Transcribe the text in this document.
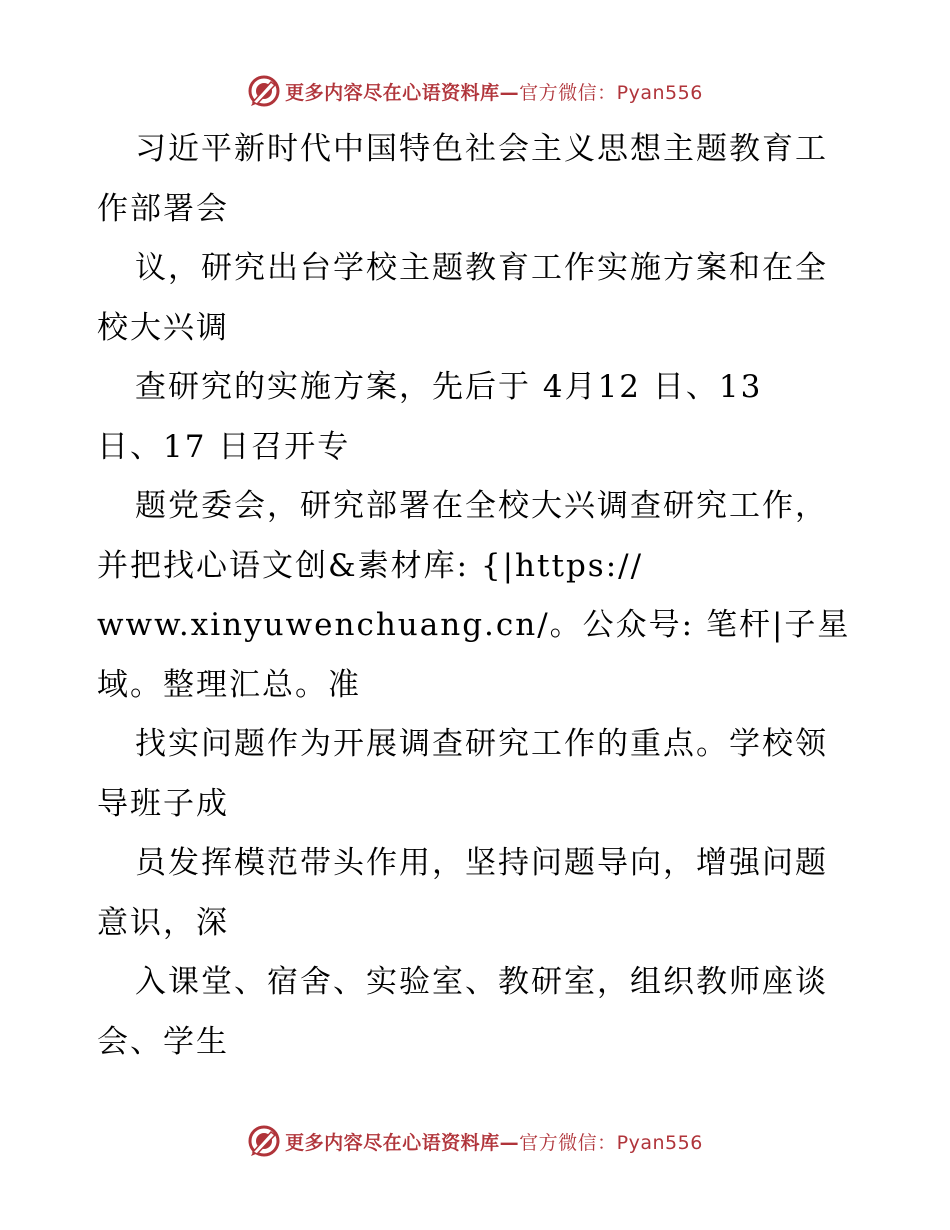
更多内容尽在心语资料库—官方微信：Pyan556
习近平新时代中国特色社会主义思想主题教育工
作部署会
议，研究出台学校主题教育工作实施方案和在全
校大兴调
查研究的实施方案，先后于 4月12 日、13
日、17 日召开专
题党委会，研究部署在全校大兴调查研究工作，
并把找心语文创&素材库: {|https://
www.xinyuwenchuang.cn/。公众号: 笔杆|子星
域。整理汇总。准
找实问题作为开展调查研究工作的重点。学校领
导班子成
员发挥模范带头作用，坚持问题导向，增强问题
意识，深
入课堂、宿舍、实验室、教研室，组织教师座谈
会、学生
更多内容尽在心语资料库—官方微信：Pyan556
